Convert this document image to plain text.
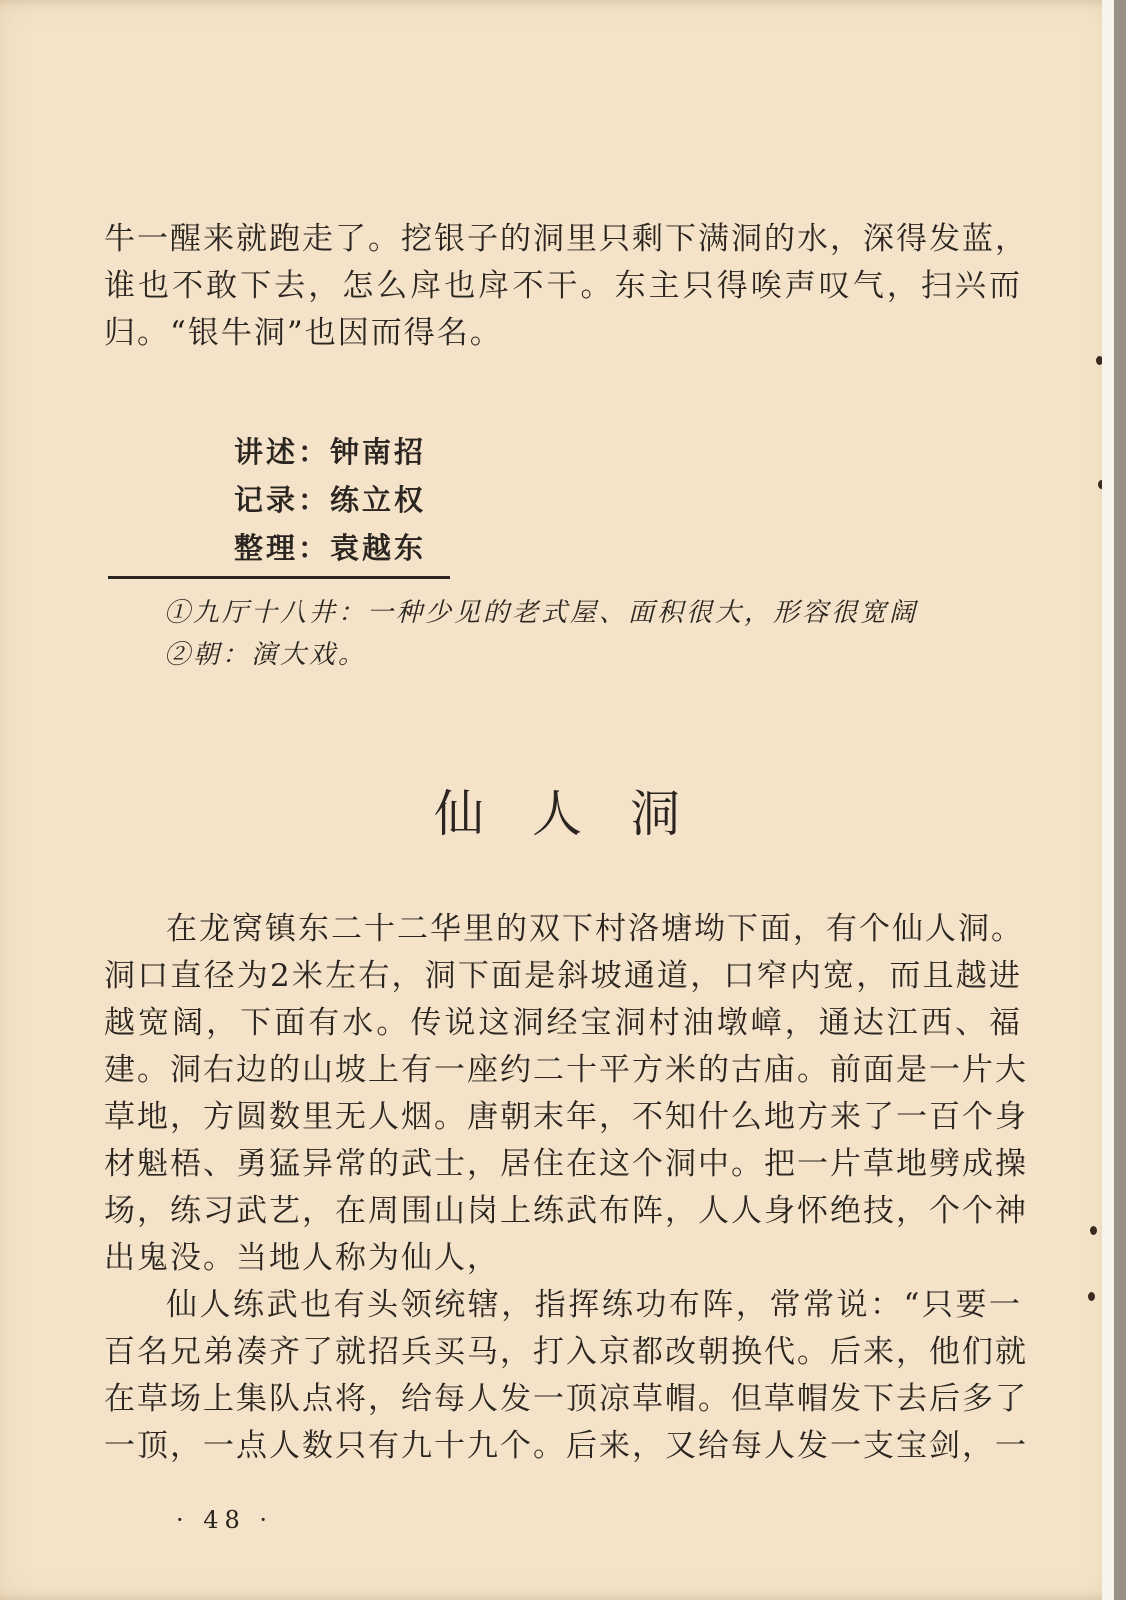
牛一醒来就跑走了。挖银子的洞里只剩下满洞的水，深得发蓝，
谁也不敢下去，怎么戽也戽不干。东主只得唉声叹气，扫兴而
归。“银牛洞”也因而得名。
讲述：钟南招
记录：练立权
整理：袁越东
①九厅十八井：一种少见的老式屋、面积很大，形容很宽阔
②朝：演大戏。
仙人洞
在龙窝镇东二十二华里的双下村洛塘坳下面，有个仙人洞。
洞口直径为2米左右，洞下面是斜坡通道，口窄内宽，而且越进
越宽阔，下面有水。传说这洞经宝洞村油墩嶂，通达江西、福
建。洞右边的山坡上有一座约二十平方米的古庙。前面是一片大
草地，方圆数里无人烟。唐朝末年，不知什么地方来了一百个身
材魁梧、勇猛异常的武士，居住在这个洞中。把一片草地劈成操
场，练习武艺，在周围山岗上练武布阵，人人身怀绝技，个个神
出鬼没。当地人称为仙人，
仙人练武也有头领统辖，指挥练功布阵，常常说：“只要一
百名兄弟凑齐了就招兵买马，打入京都改朝换代。后来，他们就
在草场上集队点将，给每人发一顶凉草帽。但草帽发下去后多了
一顶，一点人数只有九十九个。后来，又给每人发一支宝剑，一
· 48 ·
